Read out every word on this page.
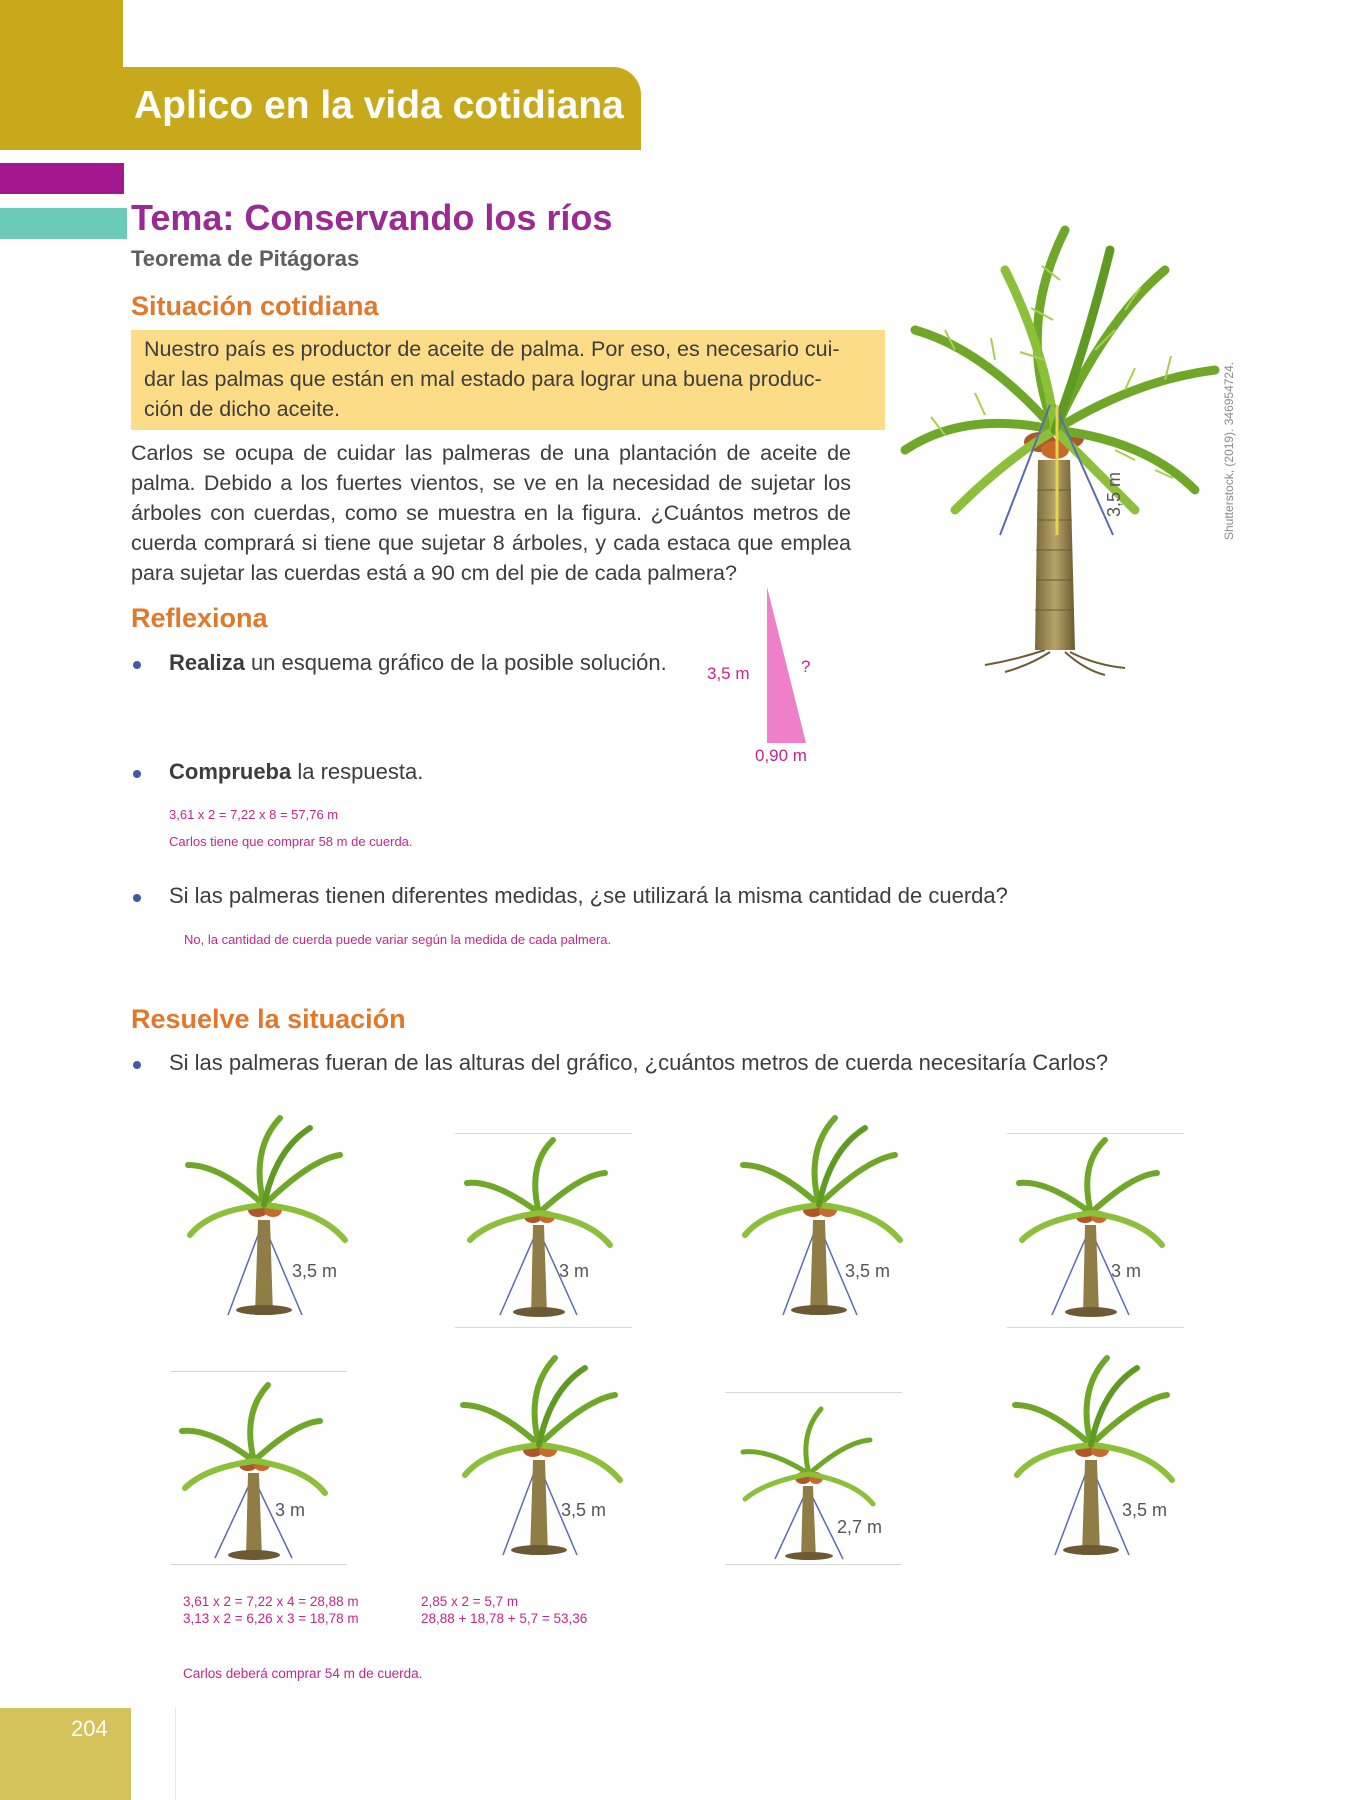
Aplico en la vida cotidiana
Tema: Conservando los ríos
Teorema de Pitágoras
Situación cotidiana
Nuestro país es productor de aceite de palma. Por eso, es necesario cui-
dar las palmas que están en mal estado para lograr una buena produc-
ción de dicho aceite.
Carlos se ocupa de cuidar las palmeras de una plantación de aceite de
palma. Debido a los fuertes vientos, se ve en la necesidad de sujetar los
árboles con cuerdas, como se muestra en la figura. ¿Cuántos metros de
cuerda comprará si tiene que sujetar 8 árboles, y cada estaca que emplea
para sujetar las cuerdas está a 90 cm del pie de cada palmera?
3,5 m	Shutterstock, (2019). 346954724.
Reflexiona
Realiza un esquema gráfico de la posible solución. 3,5 m	?
0,90 m
Comprueba la respuesta.
3,61 x 2 = 7,22 x 8 = 57,76 m
Carlos tiene que comprar 58 m de cuerda.
Si las palmeras tienen diferentes medidas, ¿se utilizará la misma cantidad de cuerda?
No, la cantidad de cuerda puede variar según la medida de cada palmera.
Resuelve la situación
Si las palmeras fueran de las alturas del gráfico, ¿cuántos metros de cuerda necesitaría Carlos?
3,5 m	3 m	3,5 m	3 m
3 m	3,5 m
2,7 m
3,5 m
3,61 x 2 = 7,22 x 4 = 28,88 m
3,13 x 2 = 6,26 x 3 = 18,78 m
2,85 x 2 = 5,7 m
28,88 + 18,78 + 5,7 = 53,36
Carlos deberá comprar 54 m de cuerda.
204
